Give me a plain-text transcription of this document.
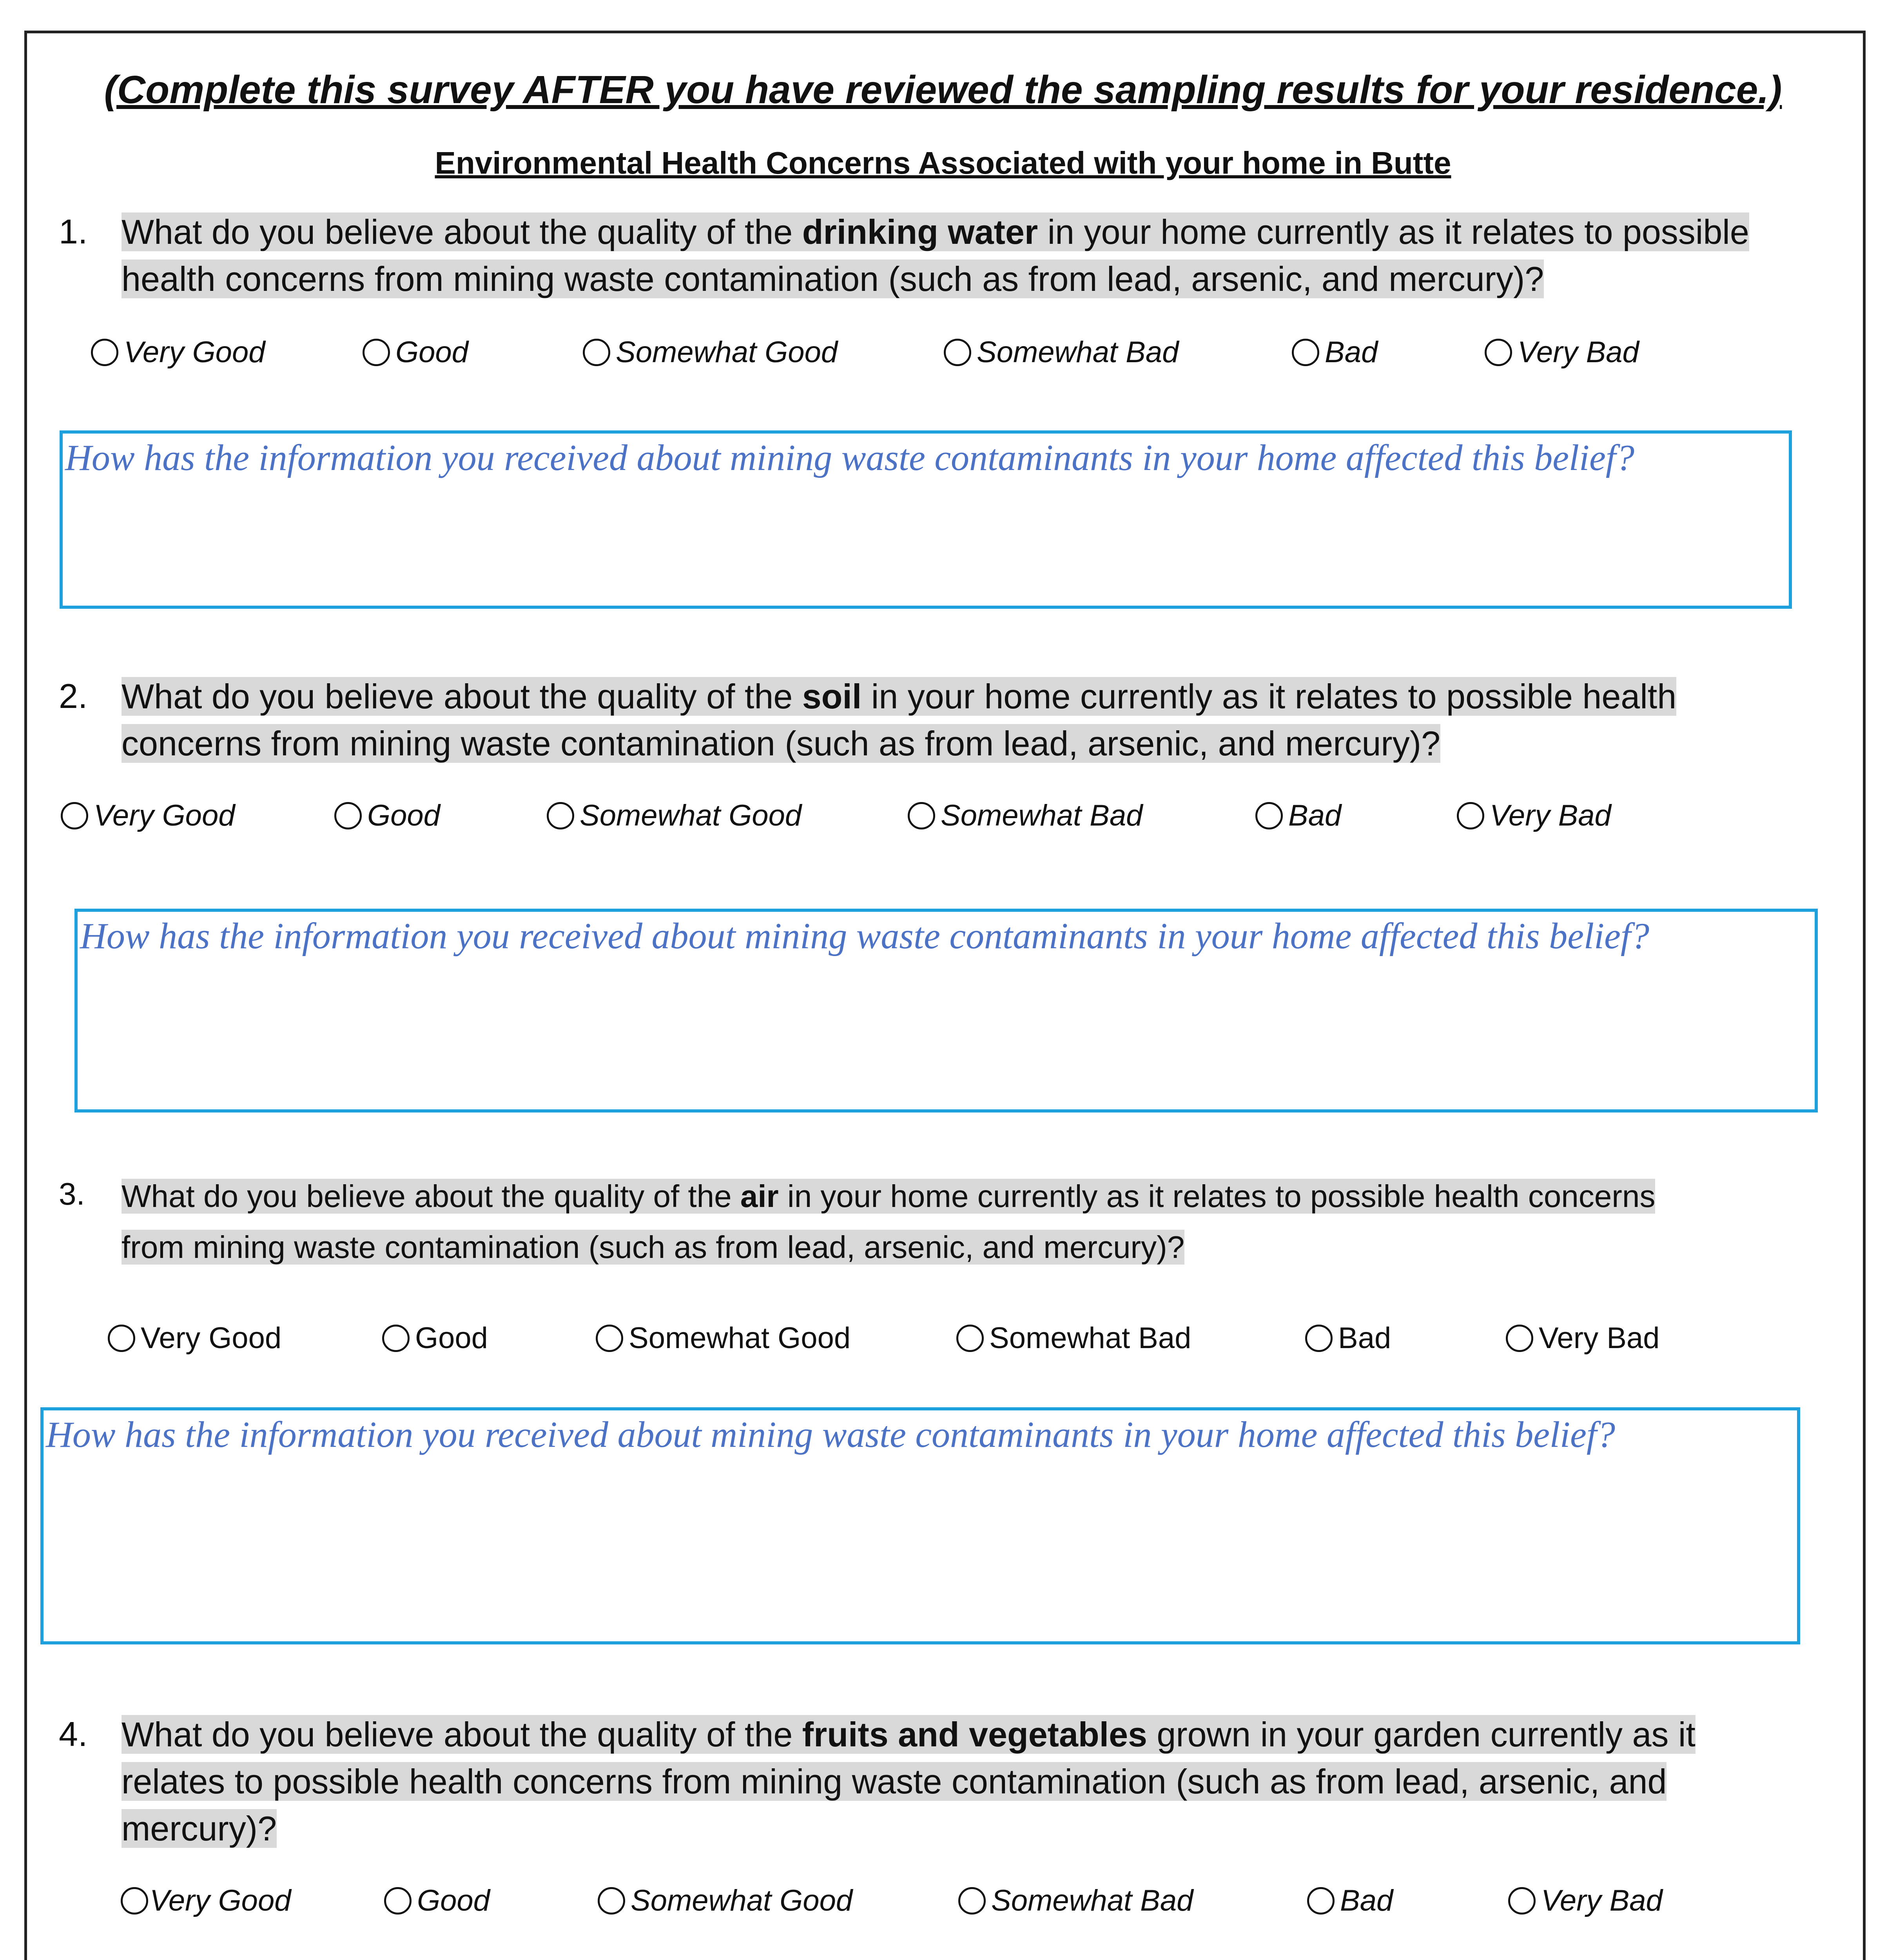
(Complete this survey AFTER you have reviewed the sampling results for your residence.)
Environmental Health Concerns Associated with your home in Butte
1. What do you believe about the quality of the drinking water in your home currently as it relates to possible
health concerns from mining waste contamination (such as from lead, arsenic, and mercury)?
Very Good	Good	Somewhat Good	Somewhat Bad	Bad	Very Bad
How has the information you received about mining waste contaminants in your home affected this belief?
2. What do you believe about the quality of the soil in your home currently as it relates to possible health
concerns from mining waste contamination (such as from lead, arsenic, and mercury)?
Very Good	Good	Somewhat Good	Somewhat Bad	Bad	Very Bad
How has the information you received about mining waste contaminants in your home affected this belief?
3. What do you believe about the quality of the air in your home currently as it relates to possible health concerns
from mining waste contamination (such as from lead, arsenic, and mercury)?
Very Good	Good	Somewhat Good	Somewhat Bad	Bad	Very Bad
How has the information you received about mining waste contaminants in your home affected this belief?
4. What do you believe about the quality of the fruits and vegetables grown in your garden currently as it
relates to possible health concerns from mining waste contamination (such as from lead, arsenic, and
mercury)?
Very Good	Good	Somewhat Good	Somewhat Bad	Bad	Very Bad
